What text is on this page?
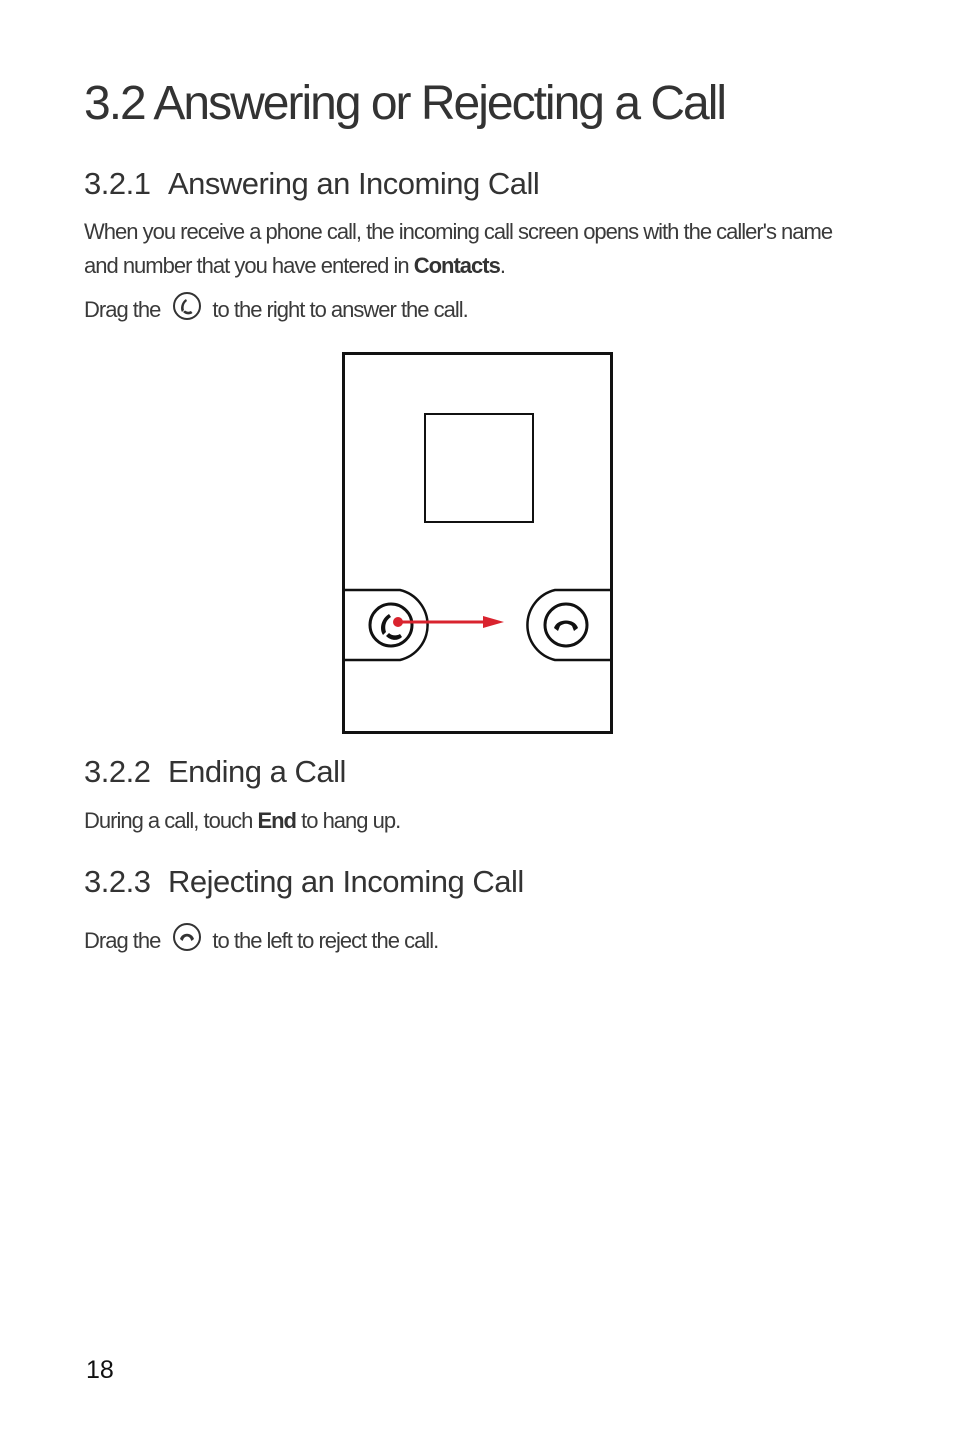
3.2 Answering or Rejecting a Call
3.2.1 Answering an Incoming Call

When you receive a phone call, the incoming call screen opens with the caller's name
and number that you have entered in Contacts.

Drag the to the right to answer the call.

3.2.2 Ending a Call

During a call, touch End to hang up.

3.2.3 Rejecting an Incoming Call

Drag the to the left to reject the call.

18
